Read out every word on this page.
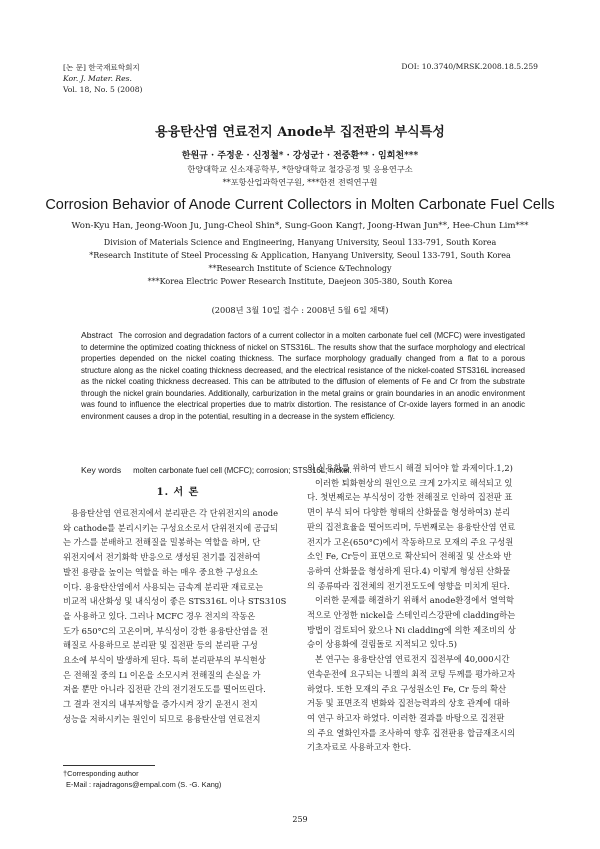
[논 문] 한국재료학회지
Kor. J. Mater. Res.
Vol. 18, No. 5 (2008)
DOI: 10.3740/MRSK.2008.18.5.259
용융탄산염 연료전지 Anode부 집전판의 부식특성
한원규 · 주정운 · 신정철* · 강성군† · 전중환** · 임희천***
한양대학교 신소재공학부, *한양대학교 철강공정 및 응용연구소
**포항산업과학연구원, ***한전 전력연구원
Corrosion Behavior of Anode Current Collectors in Molten Carbonate Fuel Cells
Won-Kyu Han, Jeong-Woon Ju, Jung-Cheol Shin*, Sung-Goon Kang†, Joong-Hwan Jun**, Hee-Chun Lim***
Division of Materials Science and Engineering, Hanyang University, Seoul 133-791, South Korea
*Research Institute of Steel Processing & Application, Hanyang University, Seoul 133-791, South Korea
**Research Institute of Science &Technology
***Korea Electric Power Research Institute, Daejeon 305-380, South Korea
(2008년 3월 10일 접수 : 2008년 5월 6일 채택)
Abstract The corrosion and degradation factors of a current collector in a molten carbonate fuel cell (MCFC) were investigated to determine the optimized coating thickness of nickel on STS316L. The results show that the surface morphology and electrical properties depended on the nickel coating thickness. The surface morphology gradually changed from a flat to a porous structure along as the nickel coating thickness decreased, and the electrical resistance of the nickel-coated STS316L increased as the nickel coating thickness decreased. This can be attributed to the diffusion of elements of Fe and Cr from the substrate through the nickel grain boundaries. Additionally, carburization in the metal grains or grain boundaries in an anodic environment was found to influence the electrical properties due to matrix distortion. The resistance of Cr-oxide layers formed in an anodic environment causes a drop in the potential, resulting in a decrease in the system efficiency.
Key words molten carbonate fuel cell (MCFC); corrosion; STS316L; nickel.
1. 서 론
용융탄산염 연료전지에서 분리판은 각 단위전지의 anode
와 cathode를 분리시키는 구성요소로서 단위전지에 공급되
는 가스를 분배하고 전해질을 밀봉하는 역할을 하며, 단
위전지에서 전기화학 반응으로 생성된 전기를 집전하여
발전 용량을 높이는 역할을 하는 매우 중요한 구성요소
이다. 용융탄산염에서 사용되는 금속계 분리판 재료로는
비교적 내산화성 및 내식성이 좋은 STS316L 이나 STS310S
을 사용하고 있다. 그러나 MCFC 경우 전지의 작동온
도가 650°C의 고온이며, 부식성이 강한 용융탄산염을 전
해질로 사용하므로 분리판 및 집전판 등의 분리판 구성
요소에 부식이 발생하게 된다. 특히 분리판부의 부식현상
은 전해질 중의 Li 이온을 소모시켜 전해질의 손실을 가
져올 뿐만 아니라 집전판 간의 전기전도도를 떨어뜨린다.
그 결과 전지의 내부저항을 증가시켜 장기 운전시 전지
성능을 저하시키는 원인이 되므로 용융탄산염 연료전지
의 실용화를 위하여 반드시 해결 되어야 할 과제이다.1,2)
이러한 퇴화현상의 원인으로 크게 2가지로 해석되고 있
다. 첫번째로는 부식성이 강한 전해질로 인하여 집전판 표
면이 부식 되어 다양한 형태의 산화물을 형성하여3) 분리
판의 집전효율을 떨어뜨리며, 두번째로는 용융탄산염 연료
전지가 고온(650°C)에서 작동하므로 모재의 주요 구성원
소인 Fe, Cr등이 표면으로 확산되어 전해질 및 산소와 반
응하여 산화물을 형성하게 된다.4) 이렇게 형성된 산화물
의 종류따라 집전체의 전기전도도에 영향을 미치게 된다.
이러한 문제를 해결하기 위해서 anode환경에서 열역학
적으로 안정한 nickel을 스테인리스강판에 cladding하는
방법이 검토되어 왔으나 Ni cladding에 의한 제조비의 상
승이 상용화에 걸림돌로 지적되고 있다.5)
본 연구는 용융탄산염 연료전지 집전부에 40,000시간
연속운전에 요구되는 니켈의 최적 코팅 두께를 평가하고자
하였다. 또한 모재의 주요 구성원소인 Fe, Cr 등의 확산
거동 및 표면조직 변화와 집전능력과의 상호 관계에 대하
여 연구 하고자 하였다. 이러한 결과를 바탕으로 집전판
의 주요 열화인자를 조사하여 향후 집전판용 합금재조시의
기초자료로 사용하고자 한다.
†Corresponding author
E-Mail : rajadragons@empal.com (S. -G. Kang)
259
